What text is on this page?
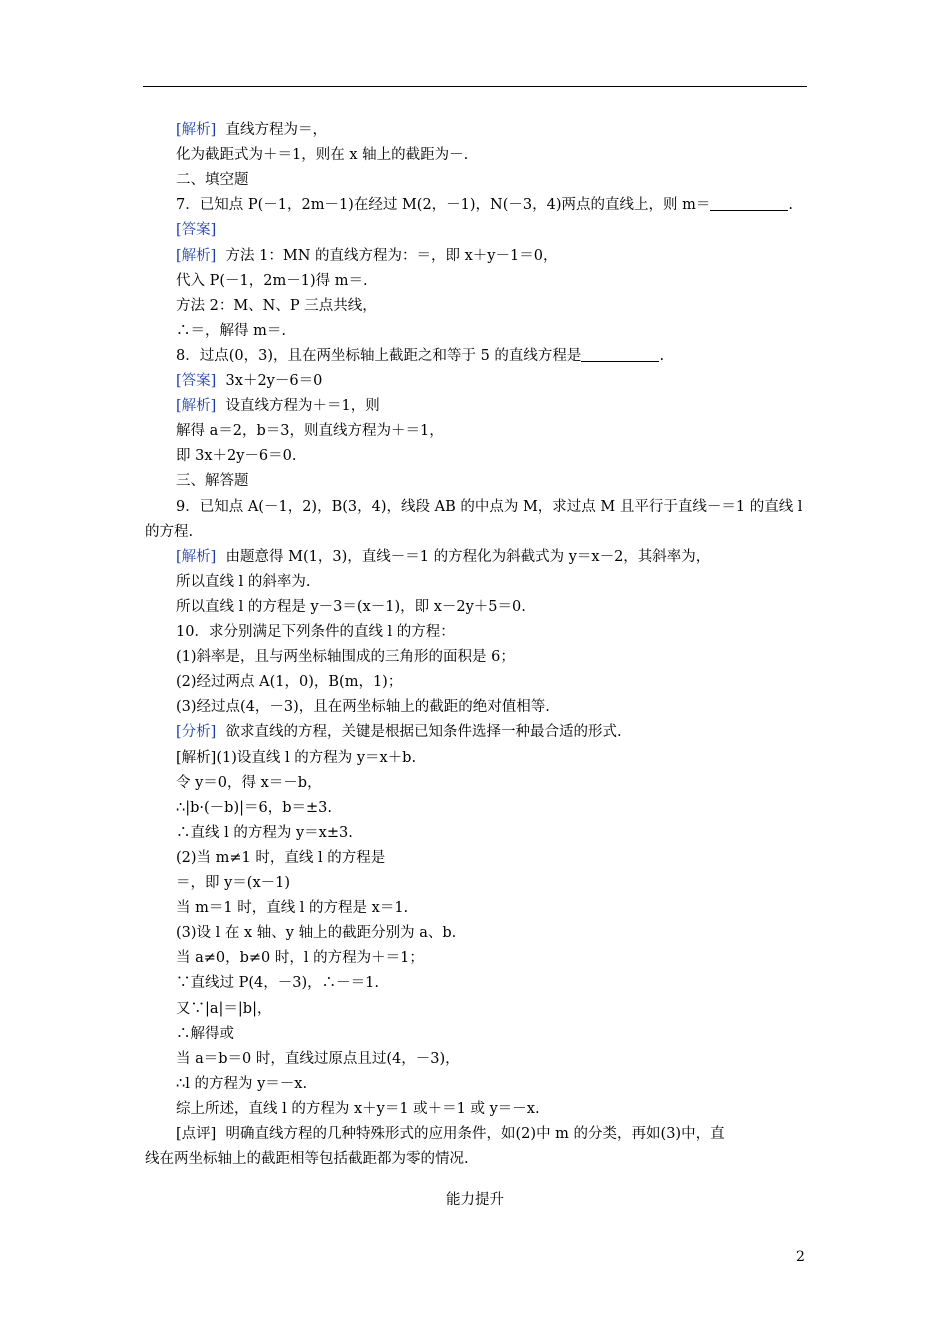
[解析]  直线方程为＝，
化为截距式为＋＝1，则在 x 轴上的截距为－.
二、填空题
7．已知点 P(－1，2m－1)在经过 M(2，－1)，N(－3，4)两点的直线上，则 m＝	.
[答案]
[解析]  方法 1：MN 的直线方程为：＝，即 x＋y－1＝0，
代入 P(－1，2m－1)得 m＝.
方法 2：M、N、P 三点共线，
∴＝，解得 m＝.
8．过点(0，3)，且在两坐标轴上截距之和等于 5 的直线方程是	.
[答案]  3x＋2y－6＝0
[解析]  设直线方程为＋＝1，则
解得 a＝2，b＝3，则直线方程为＋＝1，
即 3x＋2y－6＝0.
三、解答题
9．已知点 A(－1，2)，B(3，4)，线段 AB 的中点为 M，求过点 M 且平行于直线－＝1 的直线 l
的方程.
[解析]  由题意得 M(1，3)，直线－＝1 的方程化为斜截式为 y＝x－2，其斜率为，
所以直线 l 的斜率为.
所以直线 l 的方程是 y－3＝(x－1)，即 x－2y＋5＝0.
10．求分别满足下列条件的直线 l 的方程：
(1)斜率是，且与两坐标轴围成的三角形的面积是 6；
(2)经过两点 A(1，0)，B(m，1)；
(3)经过点(4，－3)，且在两坐标轴上的截距的绝对值相等.
[分析]  欲求直线的方程，关键是根据已知条件选择一种最合适的形式.
[解析](1)设直线 l 的方程为 y＝x＋b.
令 y＝0，得 x＝－b，
∴|b·(－b)|＝6，b＝±3.
∴直线 l 的方程为 y＝x±3.
(2)当 m≠1 时，直线 l 的方程是
＝，即 y＝(x－1)
当 m＝1 时，直线 l 的方程是 x＝1.
(3)设 l 在 x 轴、y 轴上的截距分别为 a、b.
当 a≠0，b≠0 时，l 的方程为＋＝1；
∵直线过 P(4，－3)，∴－＝1.
又∵|a|＝|b|，
∴解得或
当 a＝b＝0 时，直线过原点且过(4，－3)，
∴l 的方程为 y＝－x.
综上所述，直线 l 的方程为 x＋y＝1 或＋＝1 或 y＝－x.
[点评]  明确直线方程的几种特殊形式的应用条件，如(2)中 m 的分类，再如(3)中，直
线在两坐标轴上的截距相等包括截距都为零的情况.
能力提升
2
